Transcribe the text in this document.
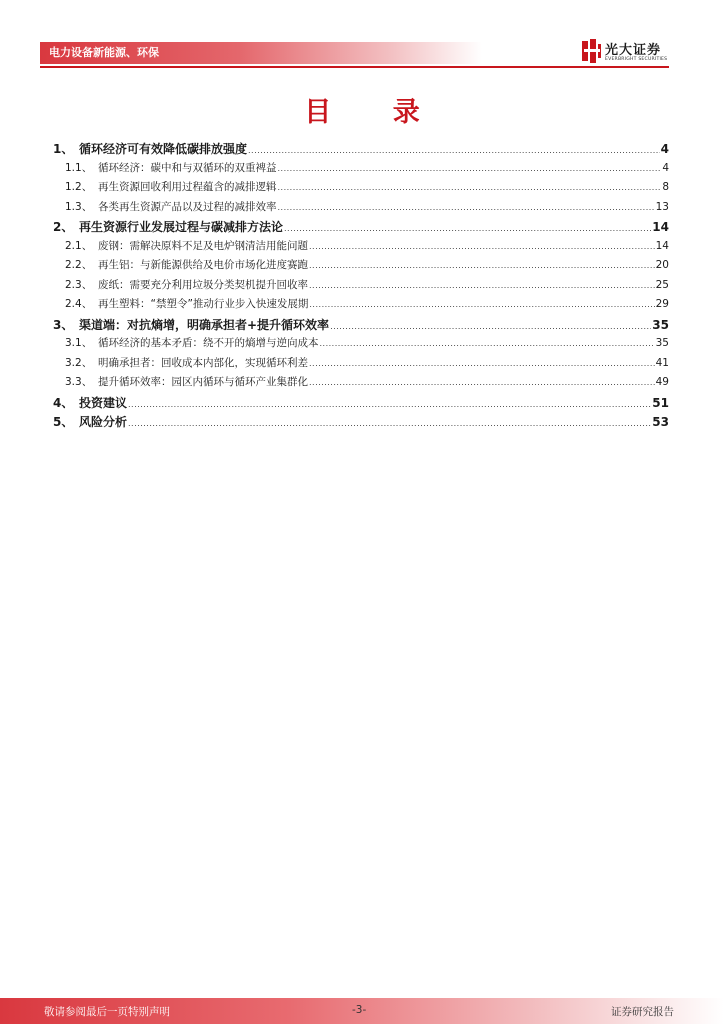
电力设备新能源、环保	光大证券
EVERBRIGHT SECURITIES
目 录
1、 循环经济可有效降低碳排放强度 .....	4
1.1、 循环经济：碳中和与双循环的双重裨益 .....	4
1.2、 再生资源回收利用过程蕴含的减排逻辑 .....	8
1.3、 各类再生资源产品以及过程的减排效率 .....	13
2、 再生资源行业发展过程与碳减排方法论 .....	14
2.1、 废钢：需解决原料不足及电炉钢清洁用能问题 .....	14
2.2、 再生铝：与新能源供给及电价市场化进度赛跑 .....	20
2.3、 废纸：需要充分利用垃圾分类契机提升回收率 .....	25
2.4、 再生塑料：“禁塑令”推动行业步入快速发展期 .....	29
3、 渠道端：对抗熵增，明确承担者+提升循环效率 .....	35
3.1、 循环经济的基本矛盾：绕不开的熵增与逆向成本 .....	35
3.2、 明确承担者：回收成本内部化，实现循环利差 .....	41
3.3、 提升循环效率：园区内循环与循环产业集群化 .....	49
4、 投资建议 .....	51
5、 风险分析 .....	53
敬请参阅最后一页特别声明	-3-	证券研究报告
